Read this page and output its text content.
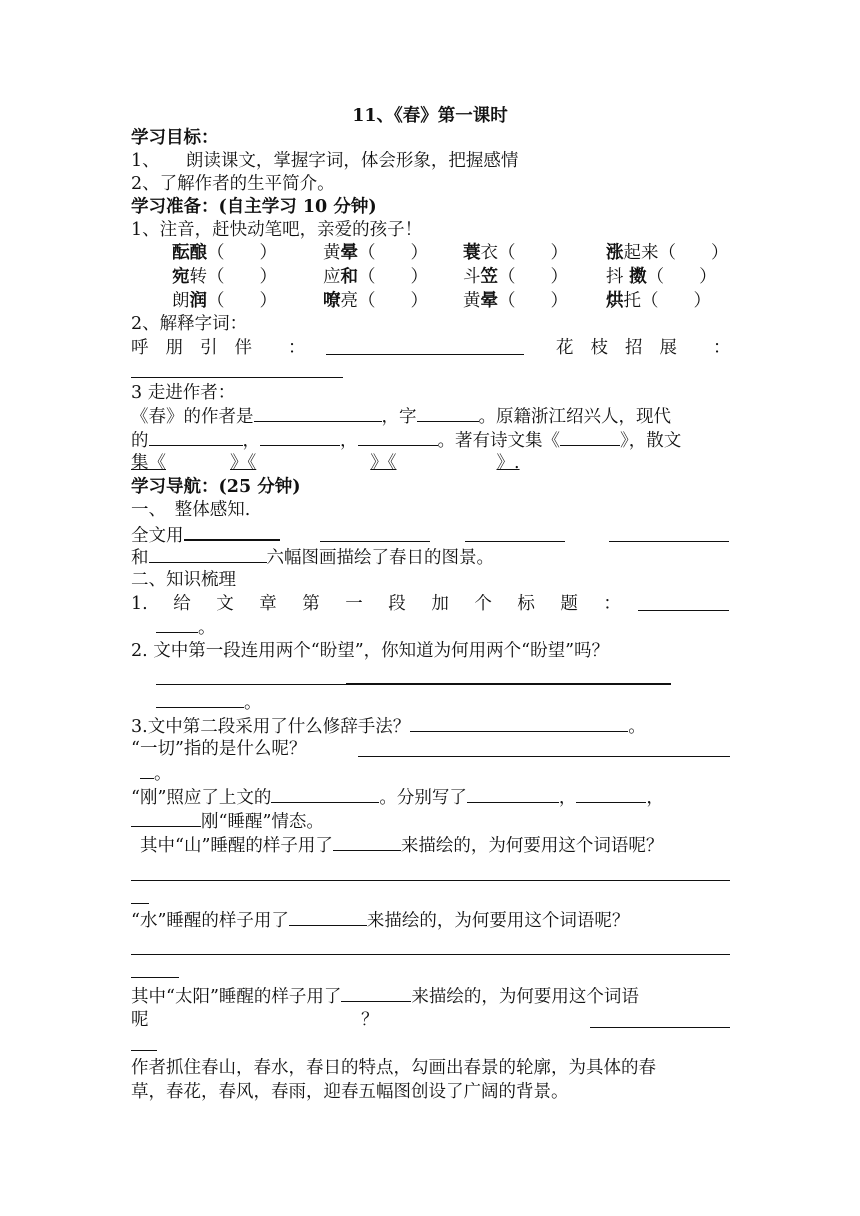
11、《春》第一课时
学习目标：
1、　　朗读课文，掌握字词，体会形象，把握感情
2、了解作者的生平简介。
学习准备：(自主学习 10 分钟)
1、注音，赶快动笔吧，亲爱的孩子！
酝酿（　　）	黄晕（　　） 蓑衣（　　） 涨起来（　　）
宛转（　　）	应和（　　） 斗笠（　　） 抖 擞（　　）
朗润（　　）	嘹亮（　　） 黄晕（　　） 烘托（　　）
2、解释字词：
呼朋引伴 ：	花枝招展 ：
3 走进作者：
《春》的作者是	，字	。原籍浙江绍兴人，现代
的	，	，	。著有诗文集《	》，散文
集《	》《	》《	》.
学习导航：(25 分钟)
一、　整体感知.
全文用
和	六幅图画描绘了春日的图景。
二、知识梳理
1. 给 文 章 第 一 段 加 个 标 题 ：
。
2. 文中第一段连用两个“盼望”，你知道为何用两个“盼望”吗？
。
3.文中第二段采用了什么修辞手法？	。
“一切”指的是什么呢？
。
“刚”照应了上文的	。分别写了	，	，
刚“睡醒”情态。
其中“山”睡醒的样子用了	来描绘的，为何要用这个词语呢？
“水”睡醒的样子用了	来描绘的，为何要用这个词语呢？
其中“太阳”睡醒的样子用了	来描绘的，为何要用这个词语
呢	？
作者抓住春山，春水，春日的特点，勾画出春景的轮廓，为具体的春
草，春花，春风，春雨，迎春五幅图创设了广阔的背景。
